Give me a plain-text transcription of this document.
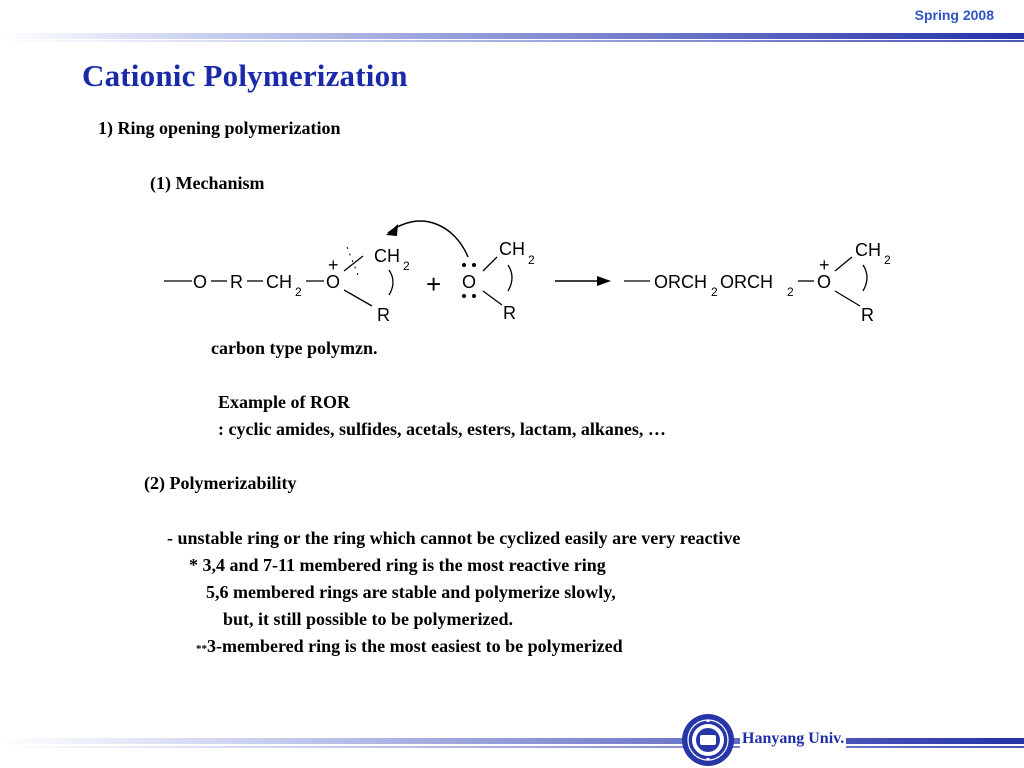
Spring 2008
Cationic Polymerization
1) Ring opening polymerization
(1) Mechanism
O R CH 2 O
+ CH 2
R
+ O
CH
2
R
ORCH 2 ORCH 2 O
+
CH 2
R
carbon type polymzn.
Example of ROR
: cyclic amides, sulfides, acetals, esters, lactam, alkanes, …
(2) Polymerizability
- unstable ring or the ring which cannot be cyclized easily are very reactive
* 3,4 and 7-11 membered ring is the most reactive ring
5,6 membered rings are stable and polymerize slowly,
but, it still possible to be polymerized.
**3-membered ring is the most easiest to be polymerized
Hanyang Univ.
